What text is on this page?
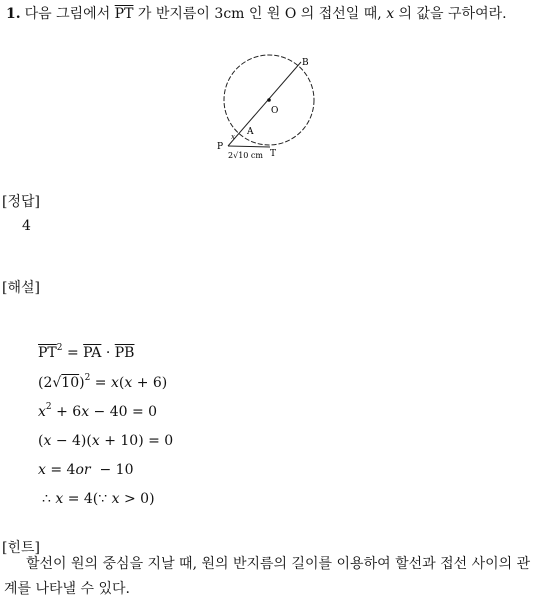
1. 다음 그림에서 $\overline{PT}$ 가 반지름이 3cm 인 원 O 의 접선일 때, x 의 값을 구하여라.
B
O
A
P
T
x
2√10 cm
[정답]
4
[해설]
$\overline{PT}^2 = \overline{PA} \cdot \overline{PB}$
$(2√10)^2 = x(x + 6)$
$x^2 + 6x - 40 = 0$
(x − 4)(x + 10) = 0
x = 4or  − 10
∴ x = 4(∵ x > 0)
[힌트]
할선이 원의 중심을 지날 때, 원의 반지름의 길이를 이용하여 할선과 접선 사이의 관계를 나타낼 수 있다.
